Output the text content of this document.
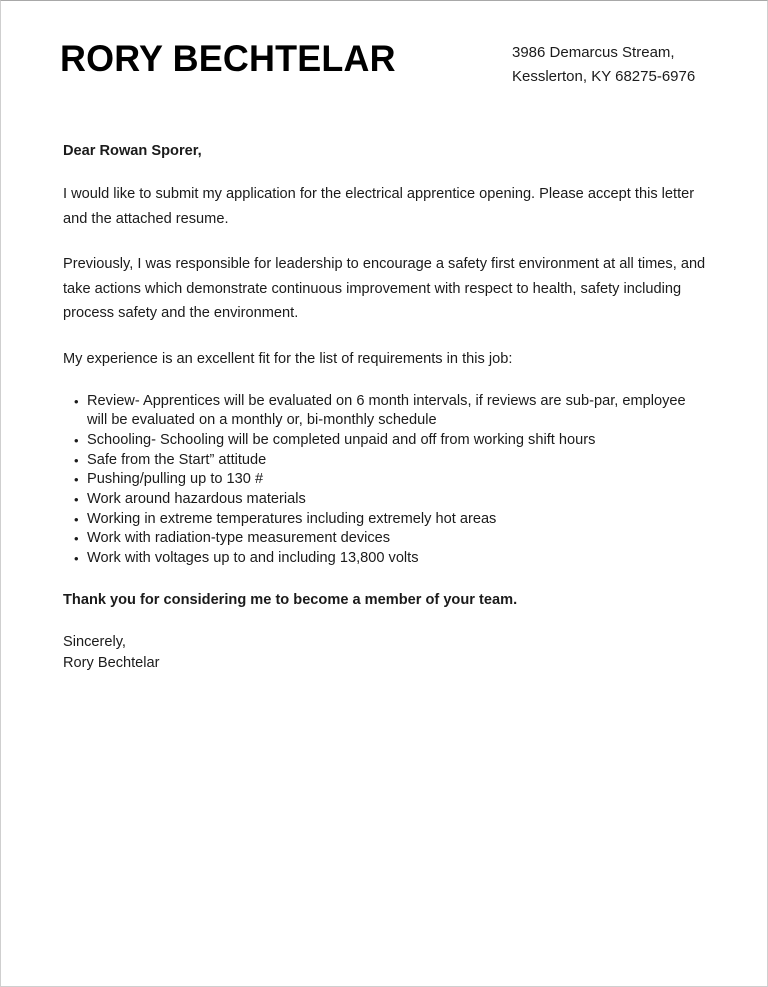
RORY BECHTELAR	3986 Demarcus Stream,
Kesslerton, KY 68275-6976

Dear Rowan Sporer,

I would like to submit my application for the electrical apprentice opening. Please accept this letter and the attached resume.

Previously, I was responsible for leadership to encourage a safety first environment at all times, and take actions which demonstrate continuous improvement with respect to health, safety including process safety and the environment.

My experience is an excellent fit for the list of requirements in this job:

• Review- Apprentices will be evaluated on 6 month intervals, if reviews are sub-par, employee will be evaluated on a monthly or, bi-monthly schedule
• Schooling- Schooling will be completed unpaid and off from working shift hours
• Safe from the Start” attitude
• Pushing/pulling up to 130 #
• Work around hazardous materials
• Working in extreme temperatures including extremely hot areas
• Work with radiation-type measurement devices
• Work with voltages up to and including 13,800 volts

Thank you for considering me to become a member of your team.

Sincerely,
Rory Bechtelar
